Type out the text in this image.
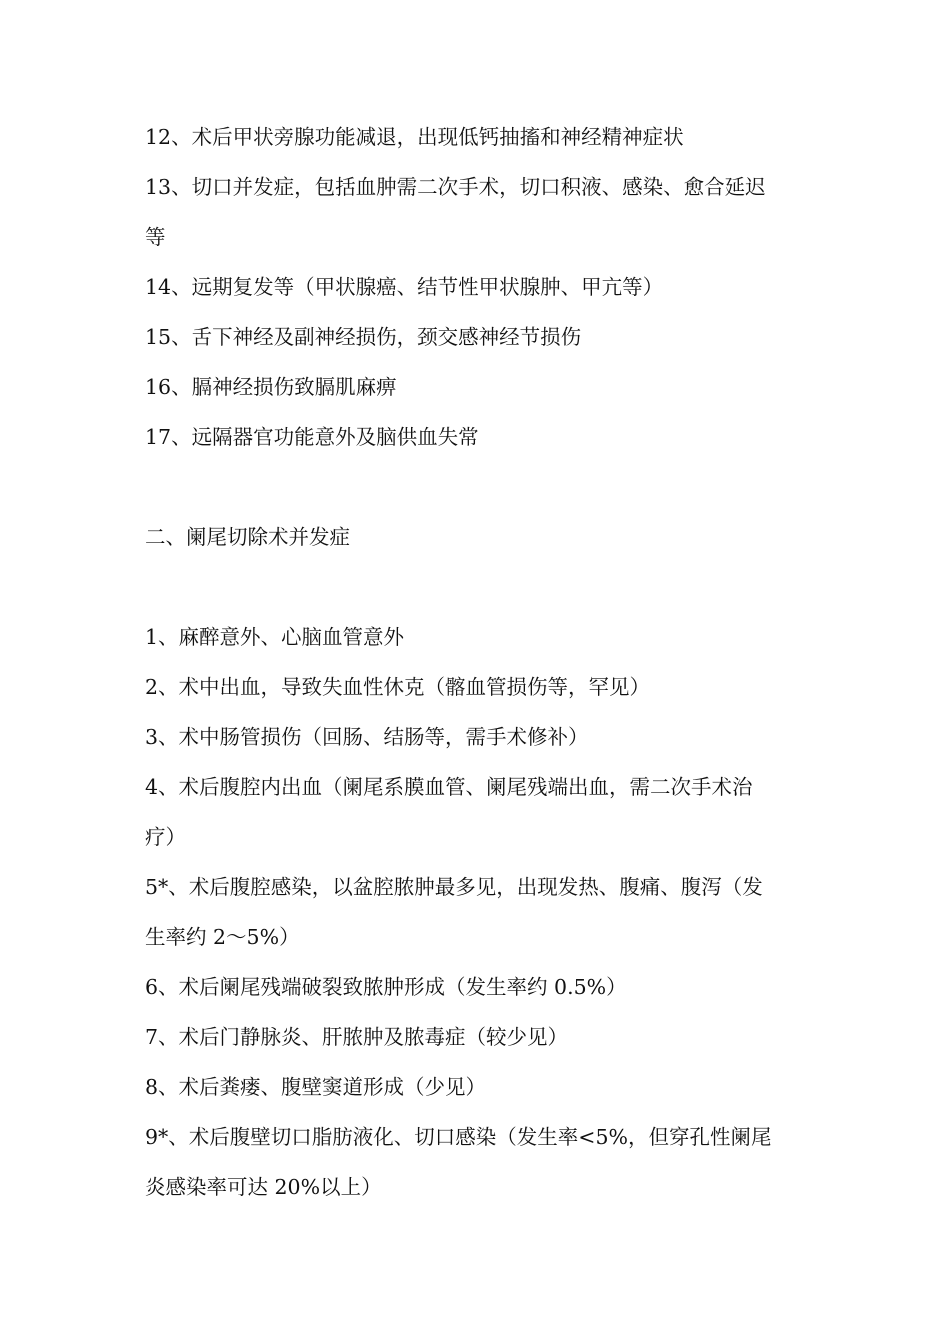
12、术后甲状旁腺功能减退，出现低钙抽搐和神经精神症状
13、切口并发症，包括血肿需二次手术，切口积液、感染、愈合延迟
等
14、远期复发等（甲状腺癌、结节性甲状腺肿、甲亢等）
15、舌下神经及副神经损伤，颈交感神经节损伤
16、膈神经损伤致膈肌麻痹
17、远隔器官功能意外及脑供血失常
二、阑尾切除术并发症
1、麻醉意外、心脑血管意外
2、术中出血，导致失血性休克（髂血管损伤等，罕见）
3、术中肠管损伤（回肠、结肠等，需手术修补）
4、术后腹腔内出血（阑尾系膜血管、阑尾残端出血，需二次手术治
疗）
5*、术后腹腔感染，以盆腔脓肿最多见，出现发热、腹痛、腹泻（发
生率约 2～5%）
6、术后阑尾残端破裂致脓肿形成（发生率约 0.5%）
7、术后门静脉炎、肝脓肿及脓毒症（较少见）
8、术后粪瘘、腹壁窦道形成（少见）
9*、术后腹壁切口脂肪液化、切口感染（发生率<5%，但穿孔性阑尾
炎感染率可达 20%以上）
